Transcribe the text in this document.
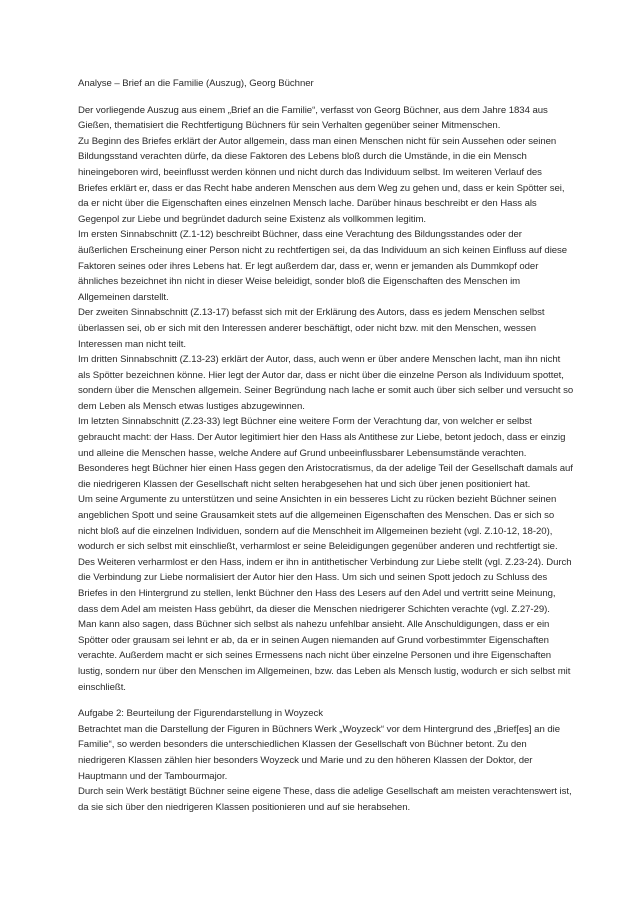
Analyse – Brief an die Familie (Auszug), Georg Büchner

Der vorliegende Auszug aus einem „Brief an die Familie“, verfasst von Georg Büchner, aus dem Jahre 1834 aus Gießen, thematisiert die Rechtfertigung Büchners für sein Verhalten gegenüber seiner Mitmenschen.

Zu Beginn des Briefes erklärt der Autor allgemein, dass man einen Menschen nicht für sein Aussehen oder seinen Bildungsstand verachten dürfe, da diese Faktoren des Lebens bloß durch die Umstände, in die ein Mensch hineingeboren wird, beeinflusst werden können und nicht durch das Individuum selbst. Im weiteren Verlauf des Briefes erklärt er, dass er das Recht habe anderen Menschen aus dem Weg zu gehen und, dass er kein Spötter sei, da er nicht über die Eigenschaften eines einzelnen Mensch lache. Darüber hinaus beschreibt er den Hass als Gegenpol zur Liebe und begründet dadurch seine Existenz als vollkommen legitim.

Im ersten Sinnabschnitt (Z.1-12) beschreibt Büchner, dass eine Verachtung des Bildungsstandes oder der äußerlichen Erscheinung einer Person nicht zu rechtfertigen sei, da das Individuum an sich keinen Einfluss auf diese Faktoren seines oder ihres Lebens hat. Er legt außerdem dar, dass er, wenn er jemanden als Dummkopf oder ähnliches bezeichnet ihn nicht in dieser Weise beleidigt, sonder bloß die Eigenschaften des Menschen im Allgemeinen darstellt.

Der zweiten Sinnabschnitt (Z.13-17) befasst sich mit der Erklärung des Autors, dass es jedem Menschen selbst überlassen sei, ob er sich mit den Interessen anderer beschäftigt, oder nicht bzw. mit den Menschen, wessen Interessen man nicht teilt.

Im dritten Sinnabschnitt (Z.13-23) erklärt der Autor, dass, auch wenn er über andere Menschen lacht, man ihn nicht als Spötter bezeichnen könne. Hier legt der Autor dar, dass er nicht über die einzelne Person als Individuum spottet, sondern über die Menschen allgemein. Seiner Begründung nach lache er somit auch über sich selber und versucht so dem Leben als Mensch etwas lustiges abzugewinnen.

Im letzten Sinnabschnitt (Z.23-33) legt Büchner eine weitere Form der Verachtung dar, von welcher er selbst gebraucht macht: der Hass. Der Autor legitimiert hier den Hass als Antithese zur Liebe, betont jedoch, dass er einzig und alleine die Menschen hasse, welche Andere auf Grund unbeeinflussbarer Lebensumstände verachten. Besonderes hegt Büchner hier einen Hass gegen den Aristocratismus, da der adelige Teil der Gesellschaft damals auf die niedrigeren Klassen der Gesellschaft nicht selten herabgesehen hat und sich über jenen positioniert hat.

Um seine Argumente zu unterstützen und seine Ansichten in ein besseres Licht zu rücken bezieht Büchner seinen angeblichen Spott und seine Grausamkeit stets auf die allgemeinen Eigenschaften des Menschen. Das er sich so nicht bloß auf die einzelnen Individuen, sondern auf die Menschheit im Allgemeinen bezieht (vgl. Z.10-12, 18-20), wodurch er sich selbst mit einschließt, verharmlost er seine Beleidigungen gegenüber anderen und rechtfertigt sie. Des Weiteren verharmlost er den Hass, indem er ihn in antithetischer Verbindung zur Liebe stellt (vgl. Z.23-24). Durch die Verbindung zur Liebe normalisiert der Autor hier den Hass. Um sich und seinen Spott jedoch zu Schluss des Briefes in den Hintergrund zu stellen, lenkt Büchner den Hass des Lesers auf den Adel und vertritt seine Meinung, dass dem Adel am meisten Hass gebührt, da dieser die Menschen niedrigerer Schichten verachte (vgl. Z.27-29).

Man kann also sagen, dass Büchner sich selbst als nahezu unfehlbar ansieht. Alle Anschuldigungen, dass er ein Spötter oder grausam sei lehnt er ab, da er in seinen Augen niemanden auf Grund vorbestimmter Eigenschaften verachte. Außerdem macht er sich seines Ermessens nach nicht über einzelne Personen und ihre Eigenschaften lustig, sondern nur über den Menschen im Allgemeinen, bzw. das Leben als Mensch lustig, wodurch er sich selbst mit einschließt.

Aufgabe 2: Beurteilung der Figurendarstellung in Woyzeck

Betrachtet man die Darstellung der Figuren in Büchners Werk „Woyzeck“ vor dem Hintergrund des „Brief[es] an die Familie“, so werden besonders die unterschiedlichen Klassen der Gesellschaft von Büchner betont. Zu den niedrigeren Klassen zählen hier besonders Woyzeck und Marie und zu den höheren Klassen der Doktor, der Hauptmann und der Tambourmajor.

Durch sein Werk bestätigt Büchner seine eigene These, dass die adelige Gesellschaft am meisten verachtenswert ist, da sie sich über den niedrigeren Klassen positionieren und auf sie herabsehen.
